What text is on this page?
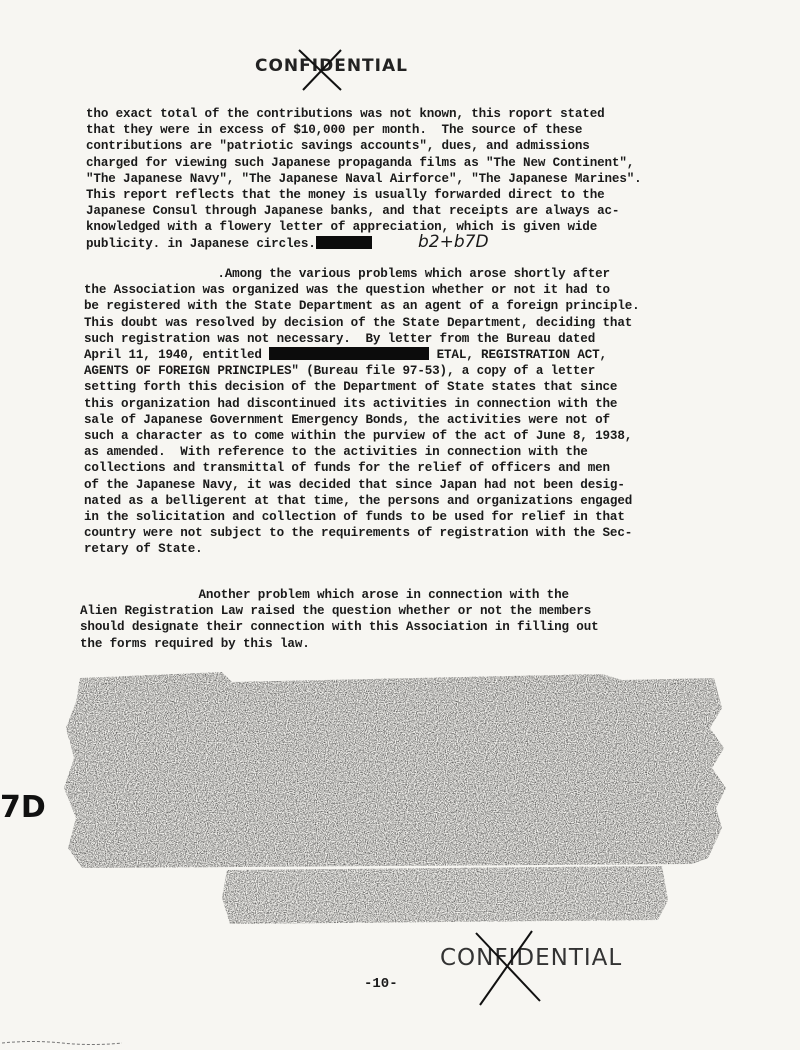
CONFIDENTIAL
tho exact total of the contributions was not known, this roport stated
that they were in excess of $10,000 per month.  The source of these
contributions are "patriotic savings accounts", dues, and admissions
charged for viewing such Japanese propaganda films as "The New Continent",
"The Japanese Navy", "The Japanese Naval Airforce", "The Japanese Marines".
This report reflects that the money is usually forwarded direct to the
Japanese Consul through Japanese banks, and that receipts are always ac-
knowledged with a flowery letter of appreciation, which is given wide
publicity. in Japanese circles.	b2+b7D
.Among the various problems which arose shortly after
the Association was organized was the question whether or not it had to
be registered with the State Department as an agent of a foreign principle.
This doubt was resolved by decision of the State Department, deciding that
such registration was not necessary.  By letter from the Bureau dated
April 11, 1940, entitled	ETAL, REGISTRATION ACT,
AGENTS OF FOREIGN PRINCIPLES" (Bureau file 97-53), a copy of a letter
setting forth this decision of the Department of State states that since
this organization had discontinued its activities in connection with the
sale of Japanese Government Emergency Bonds, the activities were not of
such a character as to come within the purview of the act of June 8, 1938,
as amended.  With reference to the activities in connection with the
collections and transmittal of funds for the relief of officers and men
of the Japanese Navy, it was decided that since Japan had not been desig-
nated as a belligerent at that time, the persons and organizations engaged
in the solicitation and collection of funds to be used for relief in that
country were not subject to the requirements of registration with the Sec-
retary of State.
Another problem which arose in connection with the
Alien Registration Law raised the question whether or not the members
should designate their connection with this Association in filling out
the forms required by this law.
7D
CONFIDENTIAL
-10-
